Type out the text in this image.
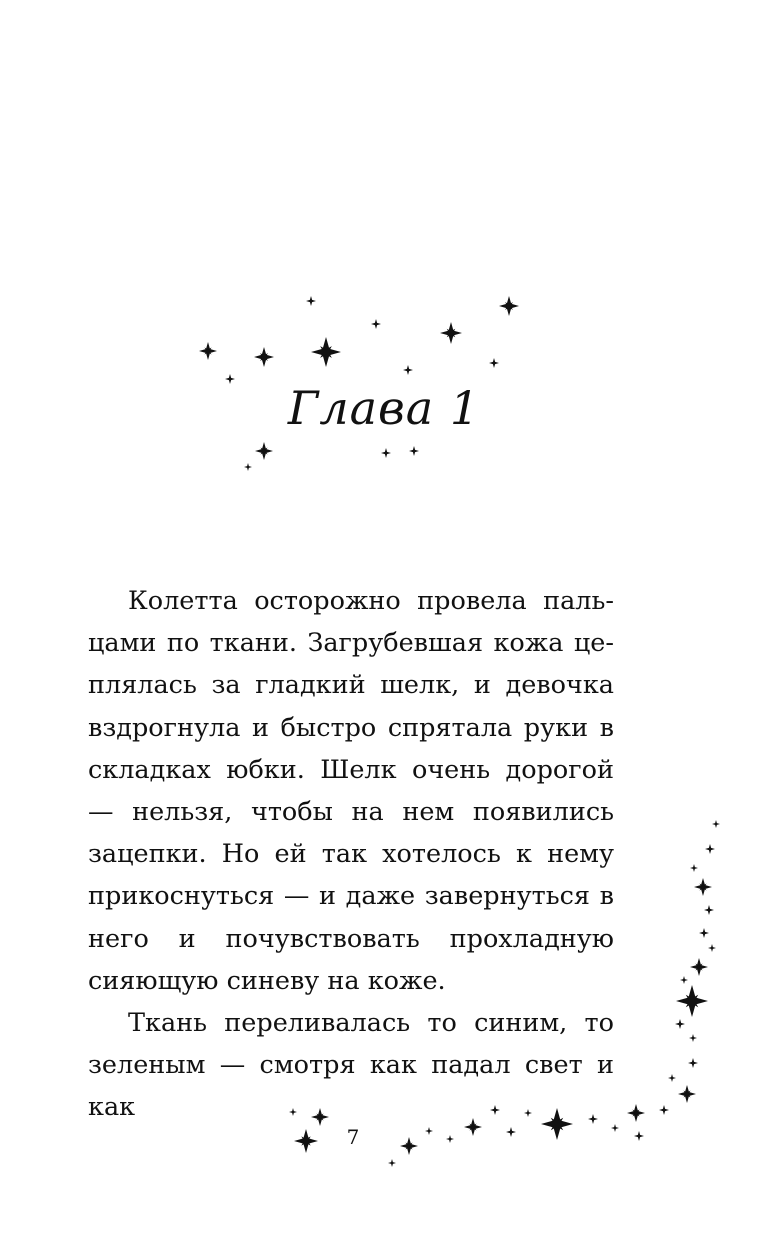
Глава 1

Колетта осторожно провела пальцами по ткани. Загрубевшая кожа цеплялась за гладкий шелк, и девочка вздрогнула и быстро спрятала руки в складках юбки. Шелк очень дорогой — нельзя, чтобы на нем появились зацепки. Но ей так хотелось к нему прикоснуться — и даже завернуться в него и почувствовать прохладную сияющую синеву на коже.

Ткань переливалась то синим, то зеленым — смотря как падал свет и как

7
